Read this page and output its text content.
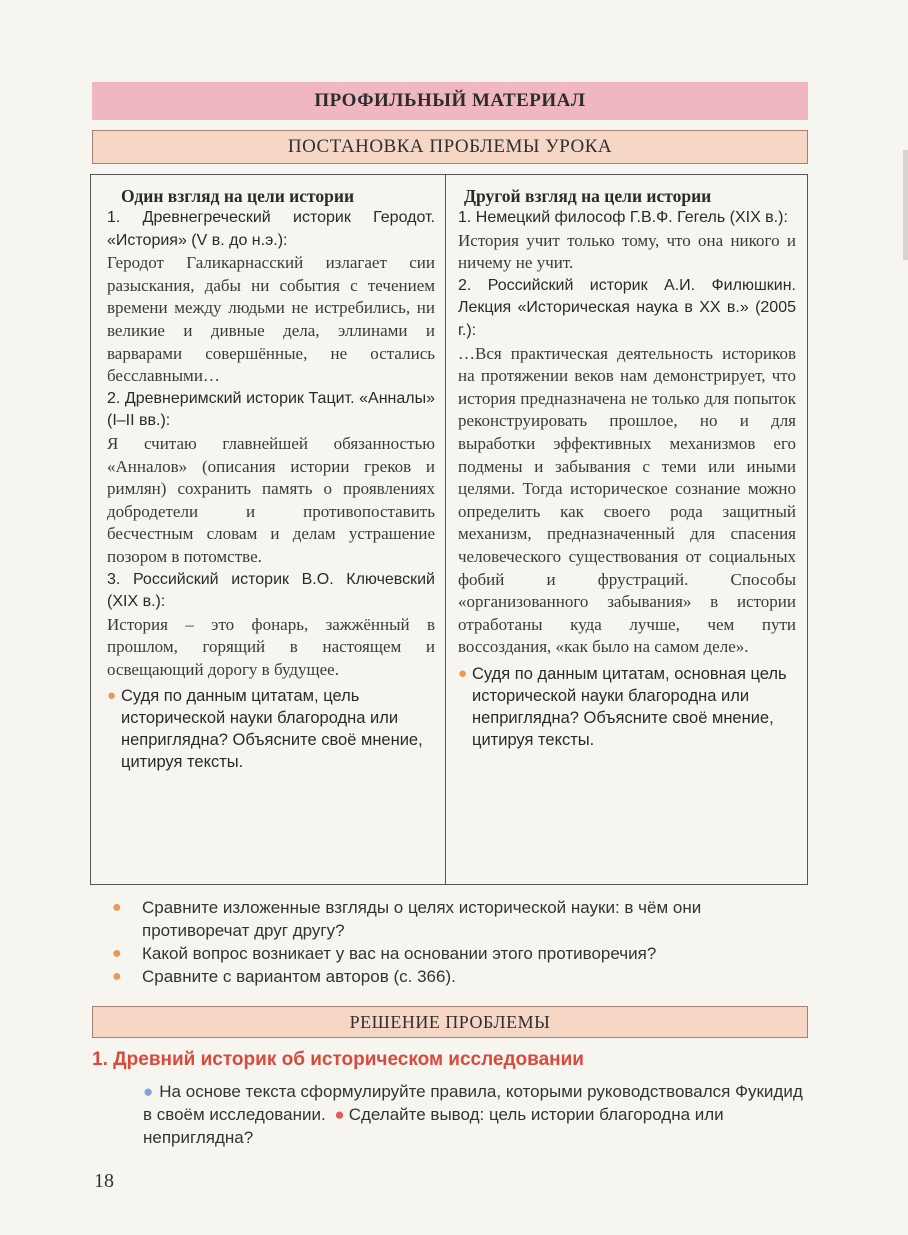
ПРОФИЛЬНЫЙ МАТЕРИАЛ
ПОСТАНОВКА ПРОБЛЕМЫ УРОКА
Один взгляд на цели истории

1. Древнегреческий историк Геродот. «История» (V в. до н.э.):

Геродот Галикарнасский излагает сии разыскания, дабы ни события с течением времени между людьми не истребились, ни великие и дивные дела, эллинами и варварами совершённые, не остались бесславными…

2. Древнеримский историк Тацит. «Анналы» (I–II вв.):

Я считаю главнейшей обязанностью «Анналов» (описания истории греков и римлян) сохранить память о проявлениях добродетели и противопоставить бесчестным словам и делам устрашение позором в потомстве.

3. Российский историк В.О. Ключевский (XIX в.):

История – это фонарь, зажжённый в прошлом, горящий в настоящем и освещающий дорогу в будущее.

● Судя по данным цитатам, цель исторической науки благородна или неприглядна? Объясните своё мнение, цитируя тексты.
Другой взгляд на цели истории

1. Немецкий философ Г.В.Ф. Гегель (XIX в.):

История учит только тому, что она никого и ничему не учит.

2. Российский историк А.И. Филюшкин. Лекция «Историческая наука в XX в.» (2005 г.):

…Вся практическая деятельность историков на протяжении веков нам демонстрирует, что история предназначена не только для попыток реконструировать прошлое, но и для выработки эффективных механизмов его подмены и забывания с теми или иными целями. Тогда историческое сознание можно определить как своего рода защитный механизм, предназначенный для спасения человеческого существования от социальных фобий и фрустраций. Способы «организованного забывания» в истории отработаны куда лучше, чем пути воссоздания, «как было на самом деле».

● Судя по данным цитатам, основная цель исторической науки благородна или неприглядна? Объясните своё мнение, цитируя тексты.
●	Сравните изложенные взгляды о целях исторической науки: в чём они противоречат друг другу?
●	Какой вопрос возникает у вас на основании этого противоречия?
●	Сравните с вариантом авторов (с. 366).
РЕШЕНИЕ ПРОБЛЕМЫ
1. Древний историк об историческом исследовании
● На основе текста сформулируйте правила, которыми руководствовался Фукидид в своём исследовании. ● Сделайте вывод: цель истории благородна или неприглядна?
18
